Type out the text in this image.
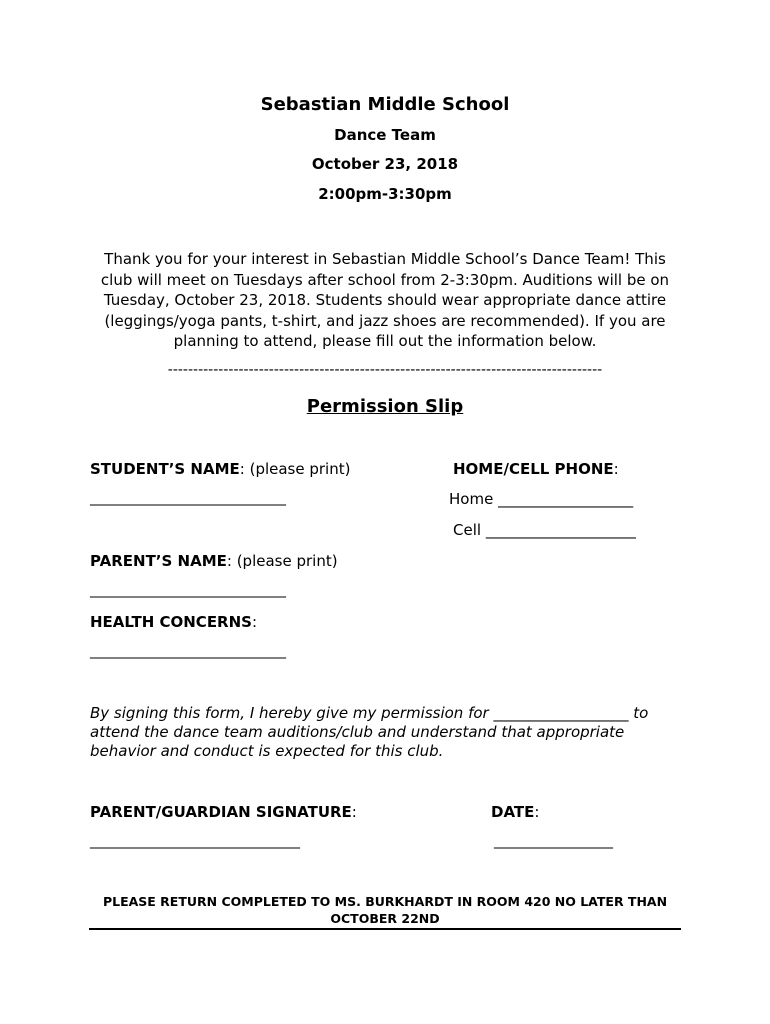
Sebastian Middle School
Dance Team
October 23, 2018
2:00pm-3:30pm
Thank you for your interest in Sebastian Middle School’s Dance Team! This club will meet on Tuesdays after school from 2-3:30pm. Auditions will be on Tuesday, October 23, 2018. Students should wear appropriate dance attire (leggings/yoga pants, t-shirt, and jazz shoes are recommended). If you are planning to attend, please fill out the information below.
--------------------------------------------------------------------------------------
Permission Slip
STUDENT’S NAME: (please print)
____________________________
HOME/CELL PHONE:
Home __________________
Cell ____________________
PARENT’S NAME: (please print)
____________________________
HEALTH CONCERNS:
____________________________
By signing this form, I hereby give my permission for __________________ to attend the dance team auditions/club and understand that appropriate behavior and conduct is expected for this club.
PARENT/GUARDIAN SIGNATURE:
______________________________
DATE:
_________________
PLEASE RETURN COMPLETED TO MS. BURKHARDT IN ROOM 420 NO LATER THAN OCTOBER 22ND
